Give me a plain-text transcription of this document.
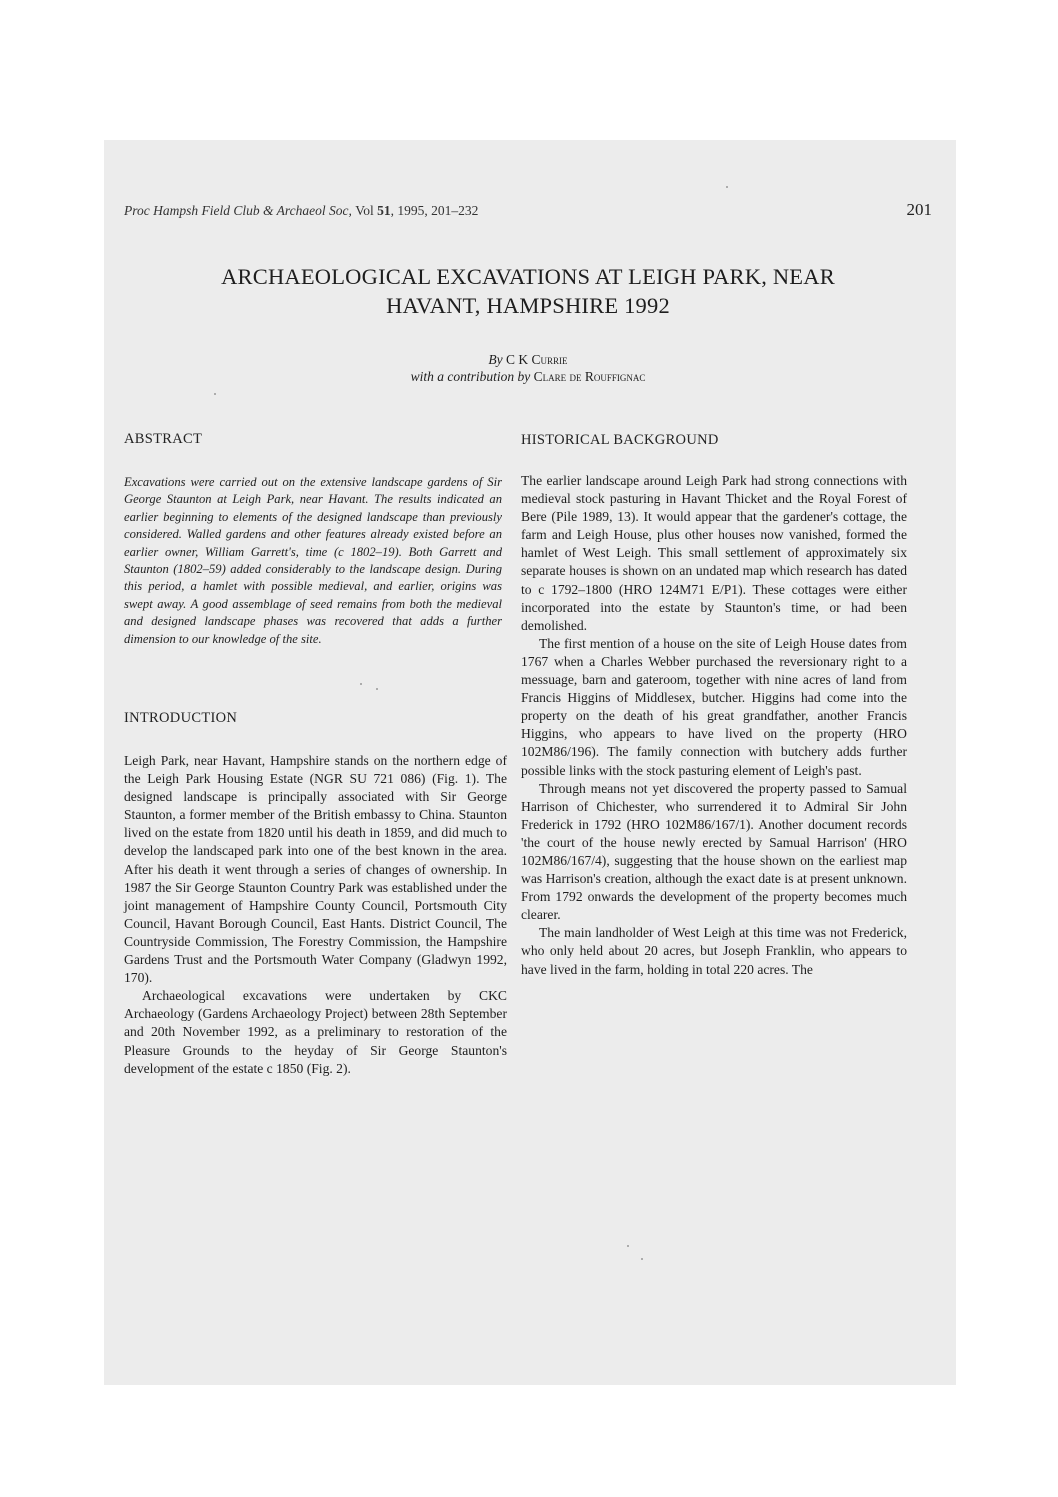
Proc Hampsh Field Club & Archaeol Soc, Vol 51, 1995, 201–232	201
ARCHAEOLOGICAL EXCAVATIONS AT LEIGH PARK, NEAR
HAVANT, HAMPSHIRE 1992
By C K Currie
with a contribution by Clare de Rouffignac
ABSTRACT
Excavations were carried out on the extensive landscape gardens of Sir George Staunton at Leigh Park, near Havant. The results indicated an earlier beginning to elements of the designed landscape than previously considered. Walled gardens and other features already existed before an earlier owner, William Garrett's, time (c 1802–19). Both Garrett and Staunton (1802–59) added considerably to the landscape design. During this period, a hamlet with possible medieval, and earlier, origins was swept away. A good assemblage of seed remains from both the medieval and designed landscape phases was recovered that adds a further dimension to our knowledge of the site.
INTRODUCTION

Leigh Park, near Havant, Hampshire stands on the northern edge of the Leigh Park Housing Estate (NGR SU 721 086) (Fig. 1). The designed landscape is principally associated with Sir George Staunton, a former member of the British embassy to China. Staunton lived on the estate from 1820 until his death in 1859, and did much to develop the landscaped park into one of the best known in the area. After his death it went through a series of changes of ownership. In 1987 the Sir George Staunton Country Park was established under the joint management of Hampshire County Council, Portsmouth City Council, Havant Borough Council, East Hants. District Council, The Countryside Commission, The Forestry Commission, the Hampshire Gardens Trust and the Portsmouth Water Company (Gladwyn 1992, 170).

Archaeological excavations were undertaken by CKC Archaeology (Gardens Archaeology Project) between 28th September and 20th November 1992, as a preliminary to restoration of the Pleasure Grounds to the heyday of Sir George Staunton's development of the estate c 1850 (Fig. 2).

HISTORICAL BACKGROUND

The earlier landscape around Leigh Park had strong connections with medieval stock pasturing in Havant Thicket and the Royal Forest of Bere (Pile 1989, 13). It would appear that the gardener's cottage, the farm and Leigh House, plus other houses now vanished, formed the hamlet of West Leigh. This small settlement of approximately six separate houses is shown on an undated map which research has dated to c 1792–1800 (HRO 124M71 E/P1). These cottages were either incorporated into the estate by Staunton's time, or had been demolished.

The first mention of a house on the site of Leigh House dates from 1767 when a Charles Webber purchased the reversionary right to a messuage, barn and gateroom, together with nine acres of land from Francis Higgins of Middlesex, butcher. Higgins had come into the property on the death of his great grandfather, another Francis Higgins, who appears to have lived on the property (HRO 102M86/196). The family connection with butchery adds further possible links with the stock pasturing element of Leigh's past.

Through means not yet discovered the property passed to Samual Harrison of Chichester, who surrendered it to Admiral Sir John Frederick in 1792 (HRO 102M86/167/1). Another document records 'the court of the house newly erected by Samual Harrison' (HRO 102M86/167/4), suggesting that the house shown on the earliest map was Harrison's creation, although the exact date is at present unknown. From 1792 onwards the development of the property becomes much clearer.

The main landholder of West Leigh at this time was not Frederick, who only held about 20 acres, but Joseph Franklin, who appears to have lived in the farm, holding in total 220 acres. The
